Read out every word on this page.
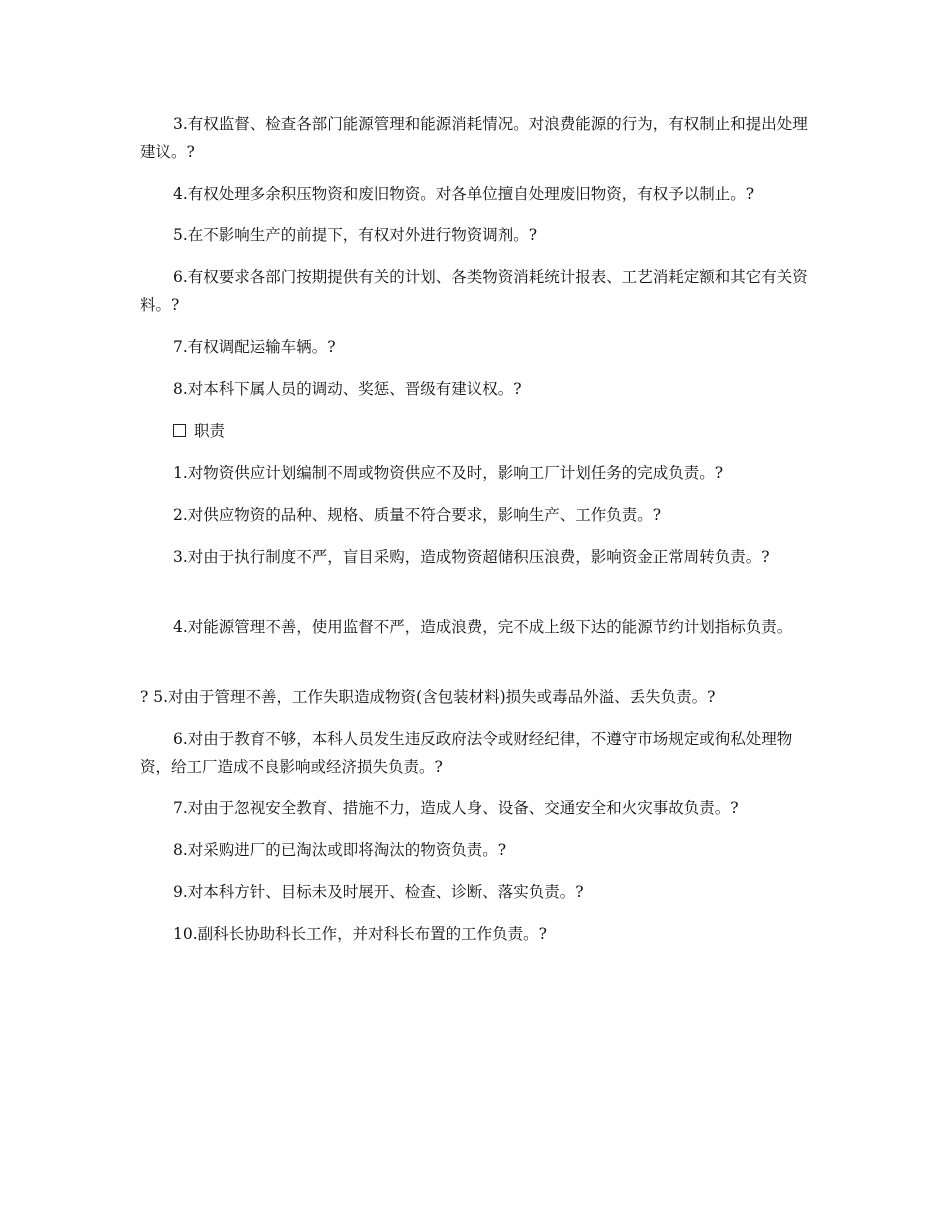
3.有权监督、检查各部门能源管理和能源消耗情况。对浪费能源的行为，有权制止和提出处理建议。?

4.有权处理多余积压物资和废旧物资。对各单位擅自处理废旧物资，有权予以制止。?

5.在不影响生产的前提下，有权对外进行物资调剂。?

6.有权要求各部门按期提供有关的计划、各类物资消耗统计报表、工艺消耗定额和其它有关资料。?

7.有权调配运输车辆。?

8.对本科下属人员的调动、奖惩、晋级有建议权。?

职责

1.对物资供应计划编制不周或物资供应不及时，影响工厂计划任务的完成负责。?

2.对供应物资的品种、规格、质量不符合要求，影响生产、工作负责。?

3.对由于执行制度不严，盲目采购，造成物资超储积压浪费，影响资金正常周转负责。?

4.对能源管理不善，使用监督不严，造成浪费，完不成上级下达的能源节约计划指标负责。

? 5.对由于管理不善，工作失职造成物资(含包装材料)损失或毒品外溢、丢失负责。?

6.对由于教育不够，本科人员发生违反政府法令或财经纪律，不遵守市场规定或徇私处理物资，给工厂造成不良影响或经济损失负责。?

7.对由于忽视安全教育、措施不力，造成人身、设备、交通安全和火灾事故负责。?

8.对采购进厂的已淘汰或即将淘汰的物资负责。?

9.对本科方针、目标未及时展开、检查、诊断、落实负责。?

10.副科长协助科长工作，并对科长布置的工作负责。?
